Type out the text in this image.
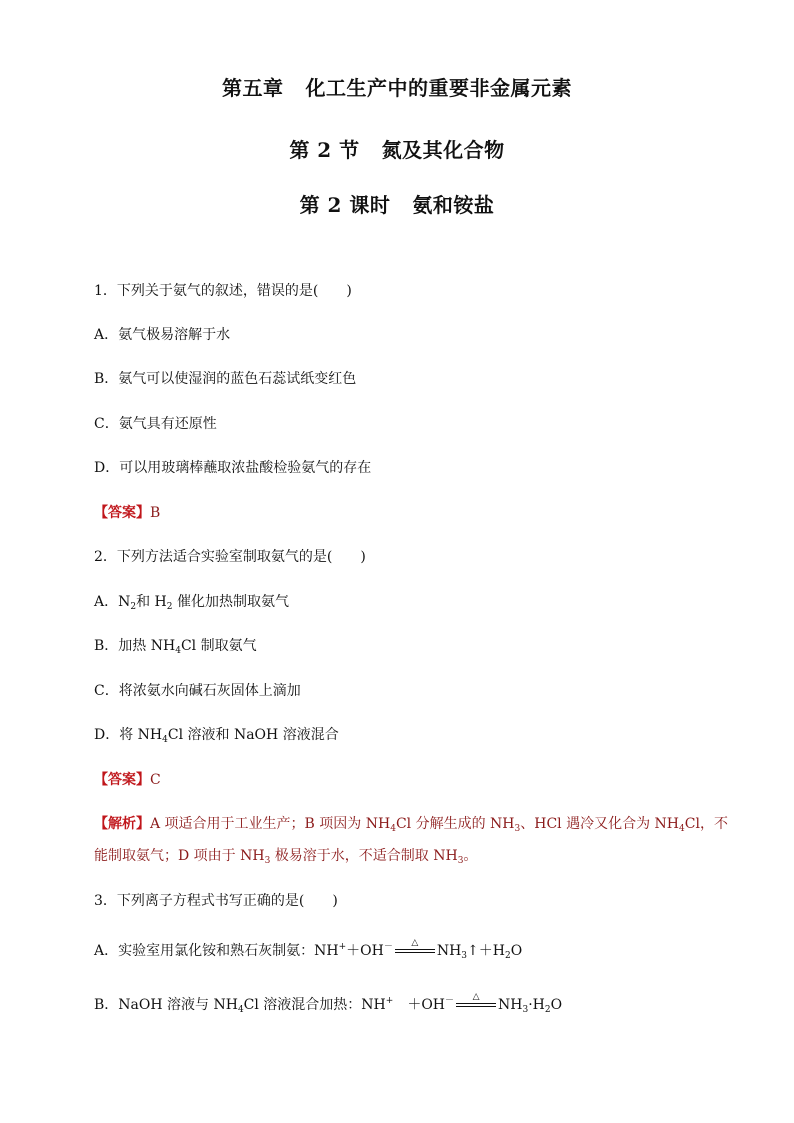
第五章 化工生产中的重要非金属元素
第 2 节 氮及其化合物
第 2 课时 氨和铵盐
1．下列关于氨气的叙述，错误的是(　　)
A．氨气极易溶解于水
B．氨气可以使湿润的蓝色石蕊试纸变红色
C．氨气具有还原性
D．可以用玻璃棒蘸取浓盐酸检验氨气的存在
【答案】B
2．下列方法适合实验室制取氨气的是(　　)
A．$N_2$和 $H_2$ 催化加热制取氨气
B．加热 $NH_4Cl$ 制取氨气
C．将浓氨水向碱石灰固体上滴加
D．将 $NH_4Cl$ 溶液和 NaOH 溶液混合
【答案】C
【解析】A 项适合用于工业生产；B 项因为 $NH_4Cl$ 分解生成的 $NH_3$、HCl 遇冷又化合为 $NH_4Cl$，不
能制取氨气；D 项由于 $NH_3$ 极易溶于水，不适合制取 $NH_3$。
3．下列离子方程式书写正确的是(　　)
A．实验室用氯化铵和熟石灰制氨：NH+＋OH－	△	$NH_3↑+H_2O$
B．NaOH 溶液与 $NH_4Cl$ 溶液混合加热：NH+　＋OH－	△	$NH_3\cdot H_2O$
